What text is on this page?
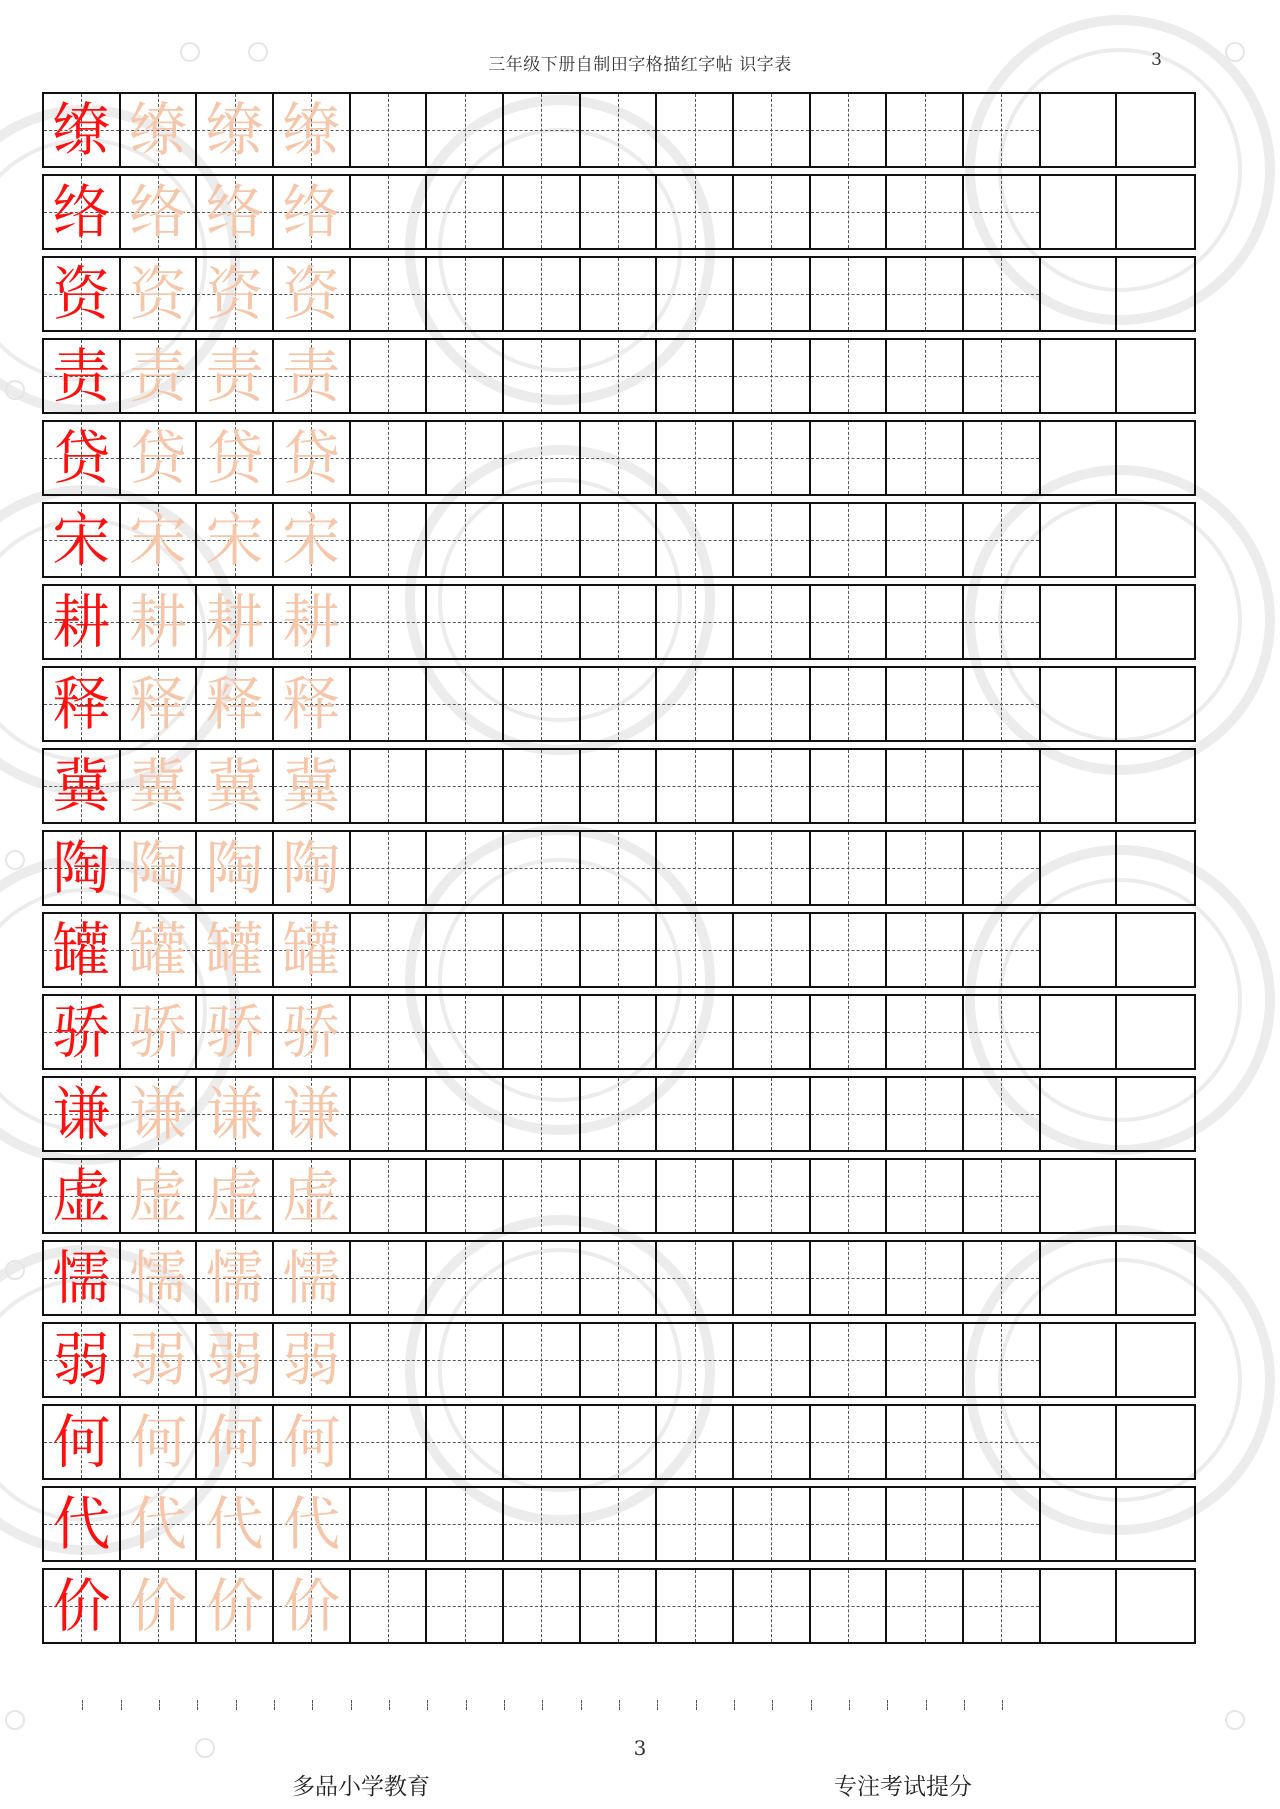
三年级下册自制田字格描红字帖 识字表	3
缭 缭 缭 缭
络 络 络 络
资 资 资 资
责 责 责 责
贷 贷 贷 贷
宋 宋 宋 宋
耕 耕 耕 耕
释 释 释 释
冀 冀 冀 冀
陶 陶 陶 陶
罐 罐 罐 罐
骄 骄 骄 骄
谦 谦 谦 谦
虚 虚 虚 虚
懦 懦 懦 懦
弱 弱 弱 弱
何 何 何 何
代 代 代 代
价 价 价 价
3
多品小学教育	专注考试提分
